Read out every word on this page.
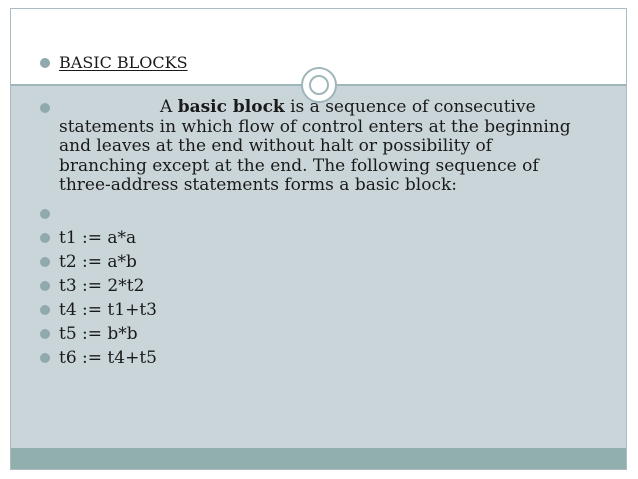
BASIC BLOCKS
A basic block is a sequence of consecutive
statements in which flow of control enters at the beginning
and leaves at the end without halt or possibility of
branching except at the end. The following sequence of
three-address statements forms a basic block:
t1 := a*a
t2 := a*b
t3 := 2*t2
t4 := t1+t3
t5 := b*b
t6 := t4+t5
